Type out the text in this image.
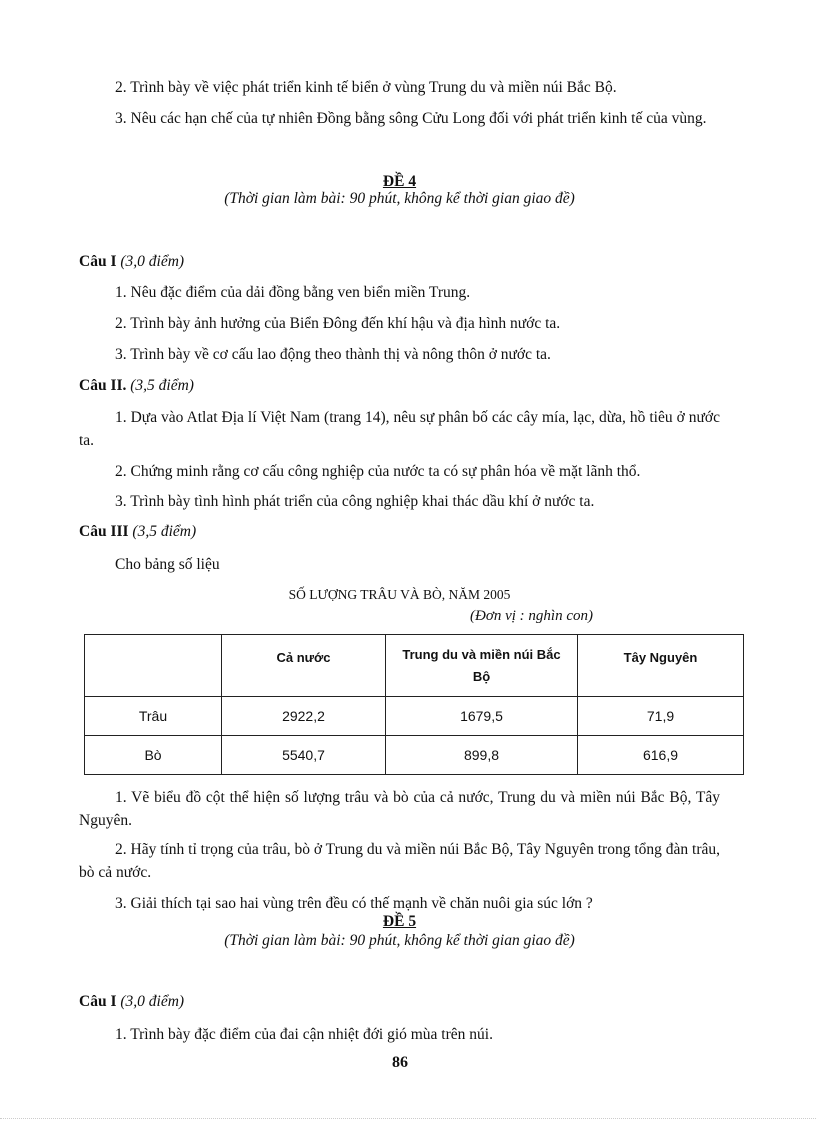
2. Trình bày về việc phát triển kinh tế biển ở vùng Trung du và miền núi Bắc Bộ.
3. Nêu các hạn chế của tự nhiên Đồng bằng sông Cửu Long đối với phát triển kinh tế của vùng.
ĐỀ 4
(Thời gian làm bài: 90 phút, không kể thời gian giao đề)
Câu I (3,0 điểm)
1. Nêu đặc điểm của dải đồng bằng ven biển miền Trung.
2. Trình bày ảnh hưởng của Biển Đông đến khí hậu và địa hình nước ta.
3. Trình bày về cơ cấu lao động theo thành thị và nông thôn ở nước ta.
Câu II. (3,5 điểm)
1. Dựa vào Atlat Địa lí Việt Nam (trang 14), nêu sự phân bố các cây mía, lạc, dừa, hồ tiêu ở nước ta.
2. Chứng minh rằng cơ cấu công nghiệp của nước ta có sự phân hóa về mặt lãnh thổ.
3. Trình bày tình hình phát triển của công nghiệp khai thác dầu khí ở nước ta.
Câu III (3,5 điểm)
Cho bảng số liệu
SỐ LƯỢNG TRÂU VÀ BÒ, NĂM 2005
(Đơn vị : nghìn con)
	Cả nước	Trung du và miền núi Bắc Bộ	Tây Nguyên
Trâu	2922,2	1679,5	71,9
Bò	5540,7	899,8	616,9
1. Vẽ biểu đồ cột thể hiện số lượng trâu và bò của cả nước, Trung du và miền núi Bắc Bộ, Tây Nguyên.
2. Hãy tính tỉ trọng của trâu, bò ở Trung du và miền núi Bắc Bộ, Tây Nguyên trong tổng đàn trâu, bò cả nước.
3. Giải thích tại sao hai vùng trên đều có thế mạnh về chăn nuôi gia súc lớn ?
ĐỀ 5
(Thời gian làm bài: 90 phút, không kể thời gian giao đề)
Câu I (3,0 điểm)
1. Trình bày đặc điểm của đai cận nhiệt đới gió mùa trên núi.
86
